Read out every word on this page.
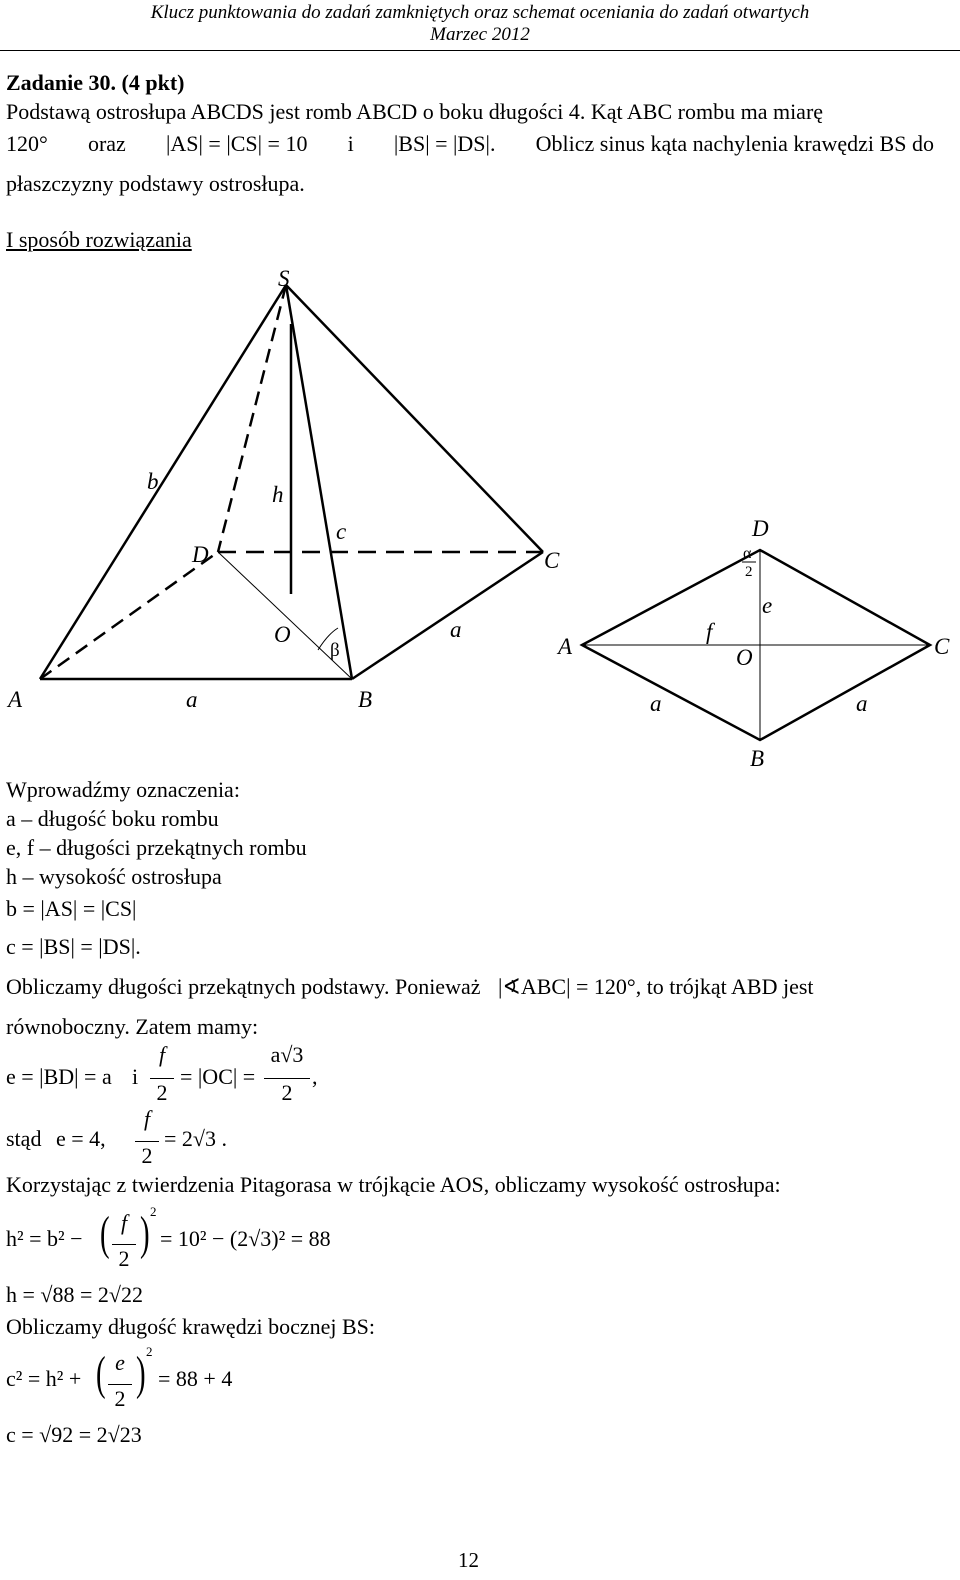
Klucz punktowania do zadań zamkniętych oraz schemat oceniania do zadań otwartych
Marzec 2012
Zadanie 30. (4 pkt)
Podstawą ostrosłupa ABCDS jest romb ABCD o boku długości 4. Kąt ABC rombu ma miarę
120° oraz |AS| = |CS| = 10 i |BS| = |DS|. Oblicz sinus kąta nachylenia krawędzi BS do
płaszczyzny podstawy ostrosłupa.
I sposób rozwiązania
S
A	B
C
D
O
a
a
b
h
c
β	A
B
C
D
O
e
f
a	a
α
2
Wprowadźmy oznaczenia:
a – długość boku rombu
e, f – długości przekątnych rombu
h – wysokość ostrosłupa
b = |AS| = |CS|
c = |BS| = |DS|.
Obliczamy długości przekątnych podstawy. Ponieważ |∢ABC| = 120°, to trójkąt ABD jest
równoboczny. Zatem mamy:
e = |BD| = a i
f
2
= |OC| =
a√3
2
,
stąd e = 4,
f
2
= 2√3 .
Korzystając z twierdzenia Pitagorasa w trójkącie AOS, obliczamy wysokość ostrosłupa:
h² = b² − ( f
2 ) 2
= 10² − (2√3)² = 88
h = √88 = 2√22
Obliczamy długość krawędzi bocznej BS:
c² = h² + ( e
2 ) 2
= 88 + 4
c = √92 = 2√23
12
